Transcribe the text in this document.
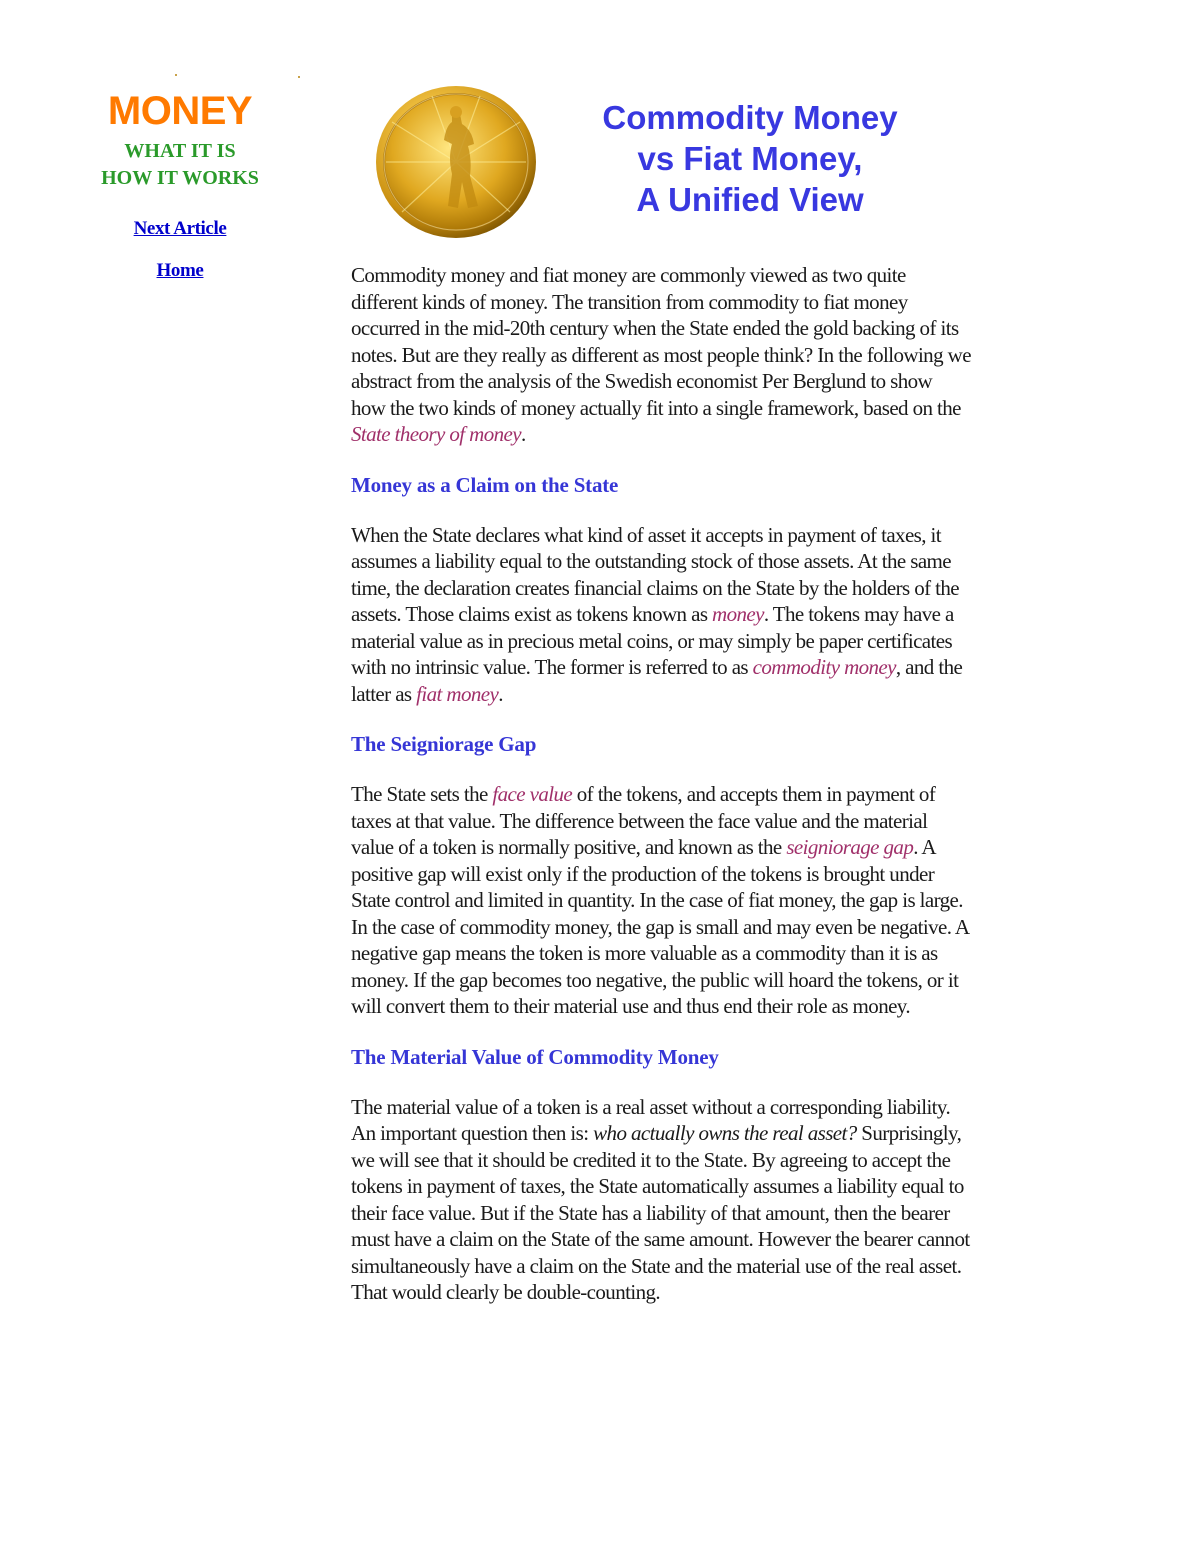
MONEY
WHAT IT IS
HOW IT WORKS
Next Article
Home
Commodity Money
vs Fiat Money,
A Unified View

Commodity money and fiat money are commonly viewed as two quite different kinds of money. The transition from commodity to fiat money occurred in the mid-20th century when the State ended the gold backing of its notes. But are they really as different as most people think? In the following we abstract from the analysis of the Swedish economist Per Berglund to show how the two kinds of money actually fit into a single framework, based on the State theory of money.

Money as a Claim on the State

When the State declares what kind of asset it accepts in payment of taxes, it assumes a liability equal to the outstanding stock of those assets. At the same time, the declaration creates financial claims on the State by the holders of the assets. Those claims exist as tokens known as money. The tokens may have a material value as in precious metal coins, or may simply be paper certificates with no intrinsic value. The former is referred to as commodity money, and the latter as fiat money.

The Seigniorage Gap

The State sets the face value of the tokens, and accepts them in payment of taxes at that value. The difference between the face value and the material value of a token is normally positive, and known as the seigniorage gap. A positive gap will exist only if the production of the tokens is brought under State control and limited in quantity. In the case of fiat money, the gap is large. In the case of commodity money, the gap is small and may even be negative. A negative gap means the token is more valuable as a commodity than it is as money. If the gap becomes too negative, the public will hoard the tokens, or it will convert them to their material use and thus end their role as money.

The Material Value of Commodity Money

The material value of a token is a real asset without a corresponding liability. An important question then is: who actually owns the real asset? Surprisingly, we will see that it should be credited it to the State. By agreeing to accept the tokens in payment of taxes, the State automatically assumes a liability equal to their face value. But if the State has a liability of that amount, then the bearer must have a claim on the State of the same amount. However the bearer cannot simultaneously have a claim on the State and the material use of the real asset. That would clearly be double-counting.
